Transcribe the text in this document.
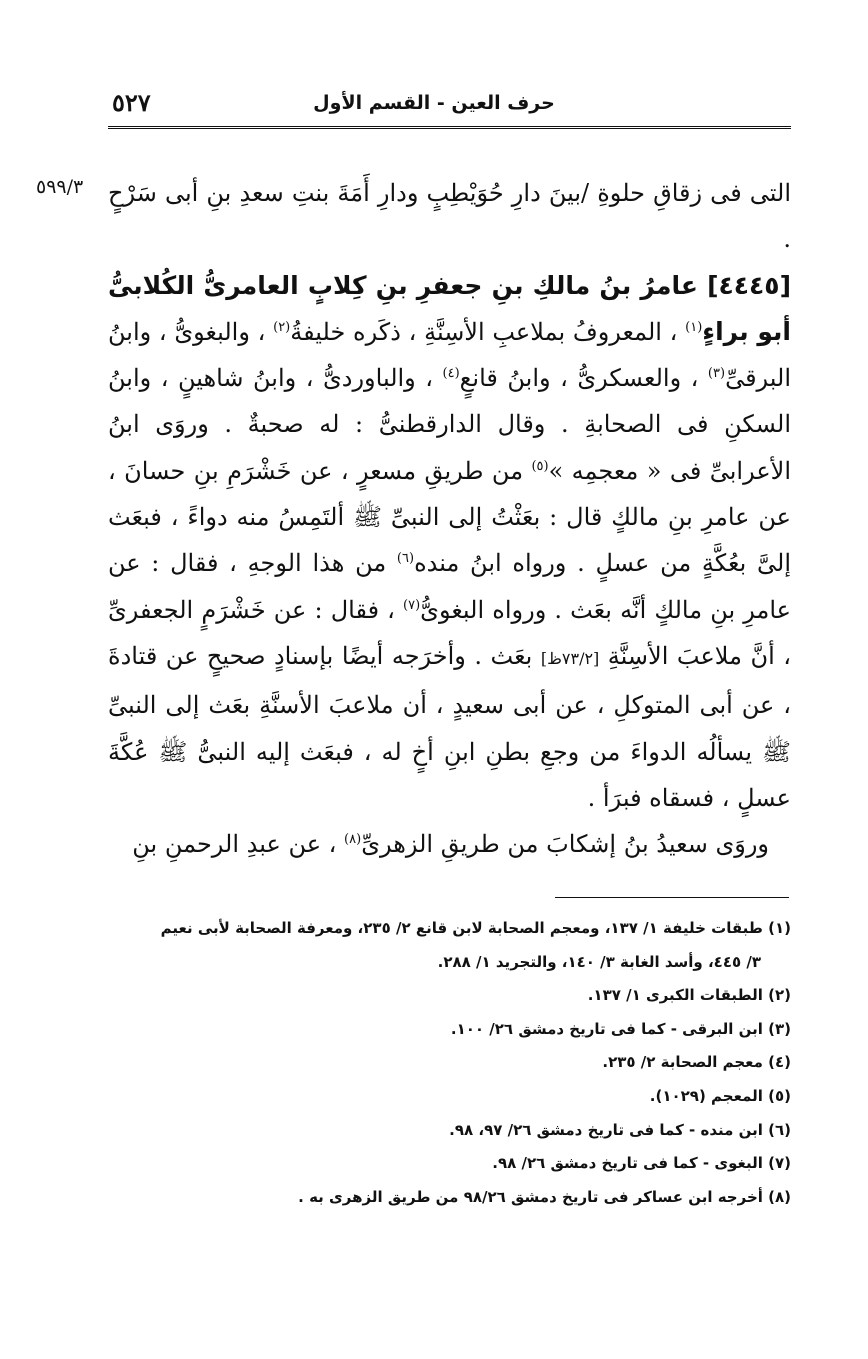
حرف العين - القسم الأول
٥٢٧
٥٩٩/٣	التى فى زقاقِ حلوةِ /بينَ دارِ حُوَيْطِبٍ ودارِ أَمَةَ بنتِ سعدِ بنِ أبى سَرْحٍ .

[٤٤٤٥] عامرُ بنُ مالكِ بنِ جعفرِ بنِ كِلابٍ العامرىُّ الكُلابىُّ أبو براءٍ$^{(١)}$ ، المعروفُ بملاعبِ الأسِنَّةِ ، ذكَره خليفةُ$^{(٢)}$ ، والبغوىُّ ، وابنُ البرقىِّ$^{(٣)}$ ، والعسكرىُّ ، وابنُ قانعٍ$^{(٤)}$ ، والباوردىُّ ، وابنُ شاهينٍ ، وابنُ السكنِ فى الصحابةِ . وقال الدارقطنىُّ : له صحبةٌ . وروَى ابنُ الأعرابىِّ فى « معجمِه »$^{(٥)}$ من طريقِ مسعرٍ ، عن خَشْرَمِ بنِ حسانَ ، عن عامرِ بنِ مالكٍ قال : بعَثْتُ إلى النبىِّ ﷺ ألتَمِسُ منه دواءً ، فبعَث إلىَّ بعُكَّةٍ من عسلٍ . ورواه ابنُ منده$^{(٦)}$ من هذا الوجهِ ، فقال : عن عامرِ بنِ مالكٍ أنَّه بعَث . ورواه البغوىُّ$^{(٧)}$ ، فقال : عن خَشْرَمٍ الجعفرىِّ ، أنَّ ملاعبَ الأسِنَّةِ [٧٣/٢ظ] بعَث . وأخرَجه أيضًا بإسنادٍ صحيحٍ عن قتادةَ ، عن أبى المتوكلِ ، عن أبى سعيدٍ ، أن ملاعبَ الأسنَّةِ بعَث إلى النبىِّ ﷺ يسألُه الدواءَ من وجعِ بطنِ ابنِ أخٍ له ، فبعَث إليه النبىُّ ﷺ عُكَّةَ عسلٍ ، فسقاه فبرَأ .

وروَى سعيدُ بنُ إشكابَ من طريقِ الزهرىِّ$^{(٨)}$ ، عن عبدِ الرحمنِ بنِ

(١) طبقات خليفة ١/ ١٣٧، ومعجم الصحابة لابن قانع ٢/ ٢٣٥، ومعرفة الصحابة لأبى نعيم
٣/ ٤٤٥، وأسد الغابة ٣/ ١٤٠، والتجريد ١/ ٢٨٨.

(٢) الطبقات الكبرى ١/ ١٣٧.

(٣) ابن البرقى - كما فى تاريخ دمشق ٢٦/ ١٠٠.

(٤) معجم الصحابة ٢/ ٢٣٥.

(٥) المعجم (١٠٢٩).

(٦) ابن منده - كما فى تاريخ دمشق ٢٦/ ٩٧، ٩٨.

(٧) البغوى - كما فى تاريخ دمشق ٢٦/ ٩٨.

(٨) أخرجه ابن عساكر فى تاريخ دمشق ٩٨/٢٦ من طريق الزهرى به .
